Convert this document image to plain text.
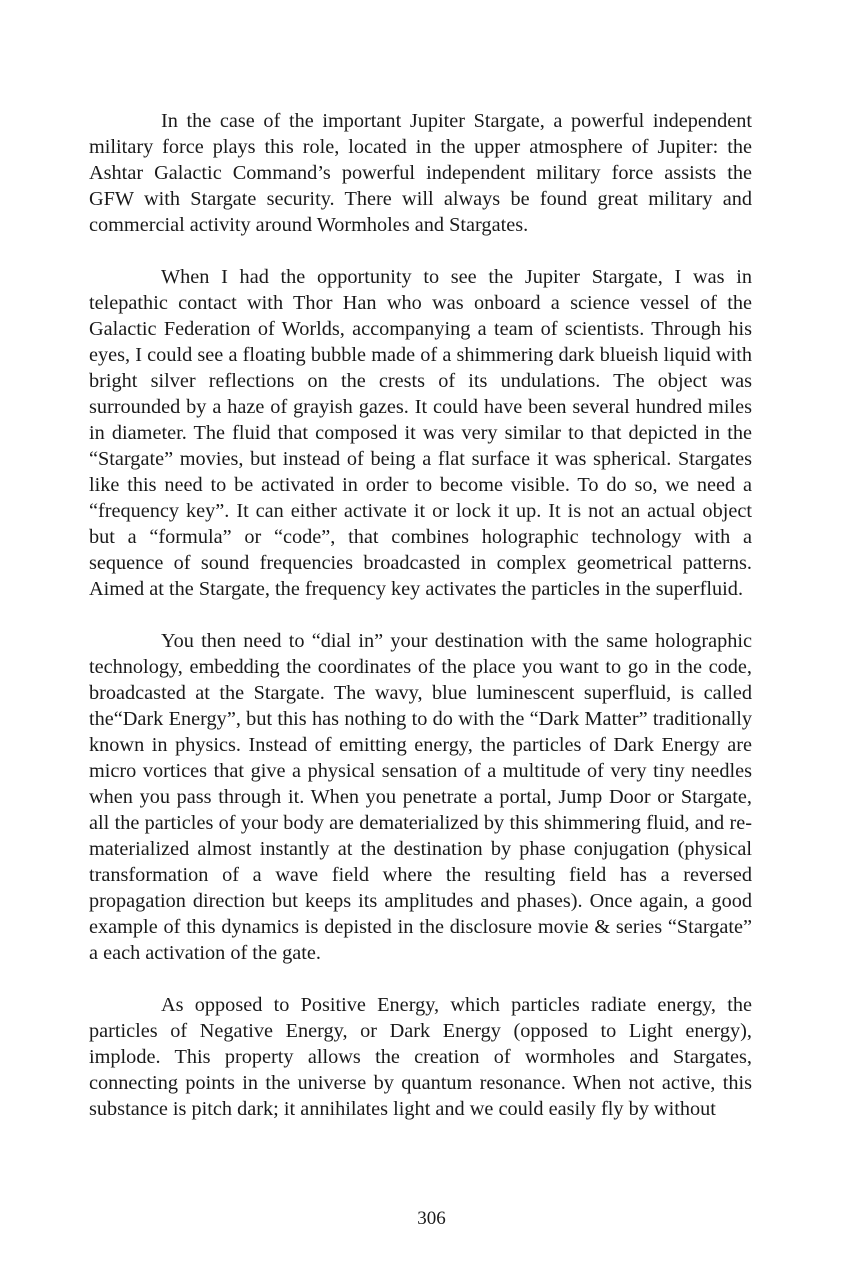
In the case of the important Jupiter Stargate, a powerful independent military force plays this role, located in the upper atmosphere of Jupiter: the Ashtar Galactic Command’s powerful independent military force assists the GFW with Stargate security. There will always be found great military and commercial activity around Wormholes and Stargates.

When I had the opportunity to see the Jupiter Stargate, I was in telepathic contact with Thor Han who was onboard a science vessel of the Galactic Federation of Worlds, accompanying a team of scientists. Through his eyes, I could see a floating bubble made of a shimmering dark blueish liquid with bright silver reflections on the crests of its undulations. The object was surrounded by a haze of grayish gazes. It could have been several hundred miles in diameter. The fluid that composed it was very similar to that depicted in the “Stargate” movies, but instead of being a flat surface it was spherical. Stargates like this need to be activated in order to become visible. To do so, we need a “frequency key”. It can either activate it or lock it up. It is not an actual object but a “formula” or “code”, that combines holographic technology with a sequence of sound frequencies broadcasted in complex geometrical patterns. Aimed at the Stargate, the frequency key activates the particles in the superfluid.

You then need to “dial in” your destination with the same holographic technology, embedding the coordinates of the place you want to go in the code, broadcasted at the Stargate. The wavy, blue luminescent superfluid, is called the“Dark Energy”, but this has nothing to do with the “Dark Matter” traditionally known in physics. Instead of emitting energy, the particles of Dark Energy are micro vortices that give a physical sensation of a multitude of very tiny needles when you pass through it. When you penetrate a portal, Jump Door or Stargate, all the particles of your body are dematerialized by this shimmering fluid, and re-materialized almost instantly at the destination by phase conjugation (physical transformation of a wave field where the resulting field has a reversed propagation direction but keeps its amplitudes and phases). Once again, a good example of this dynamics is depisted in the disclosure movie & series “Stargate” a each activation of the gate.

As opposed to Positive Energy, which particles radiate energy, the particles of Negative Energy, or Dark Energy (opposed to Light energy), implode. This property allows the creation of wormholes and Stargates, connecting points in the universe by quantum resonance. When not active, this substance is pitch dark; it annihilates light and we could easily fly by without

306
